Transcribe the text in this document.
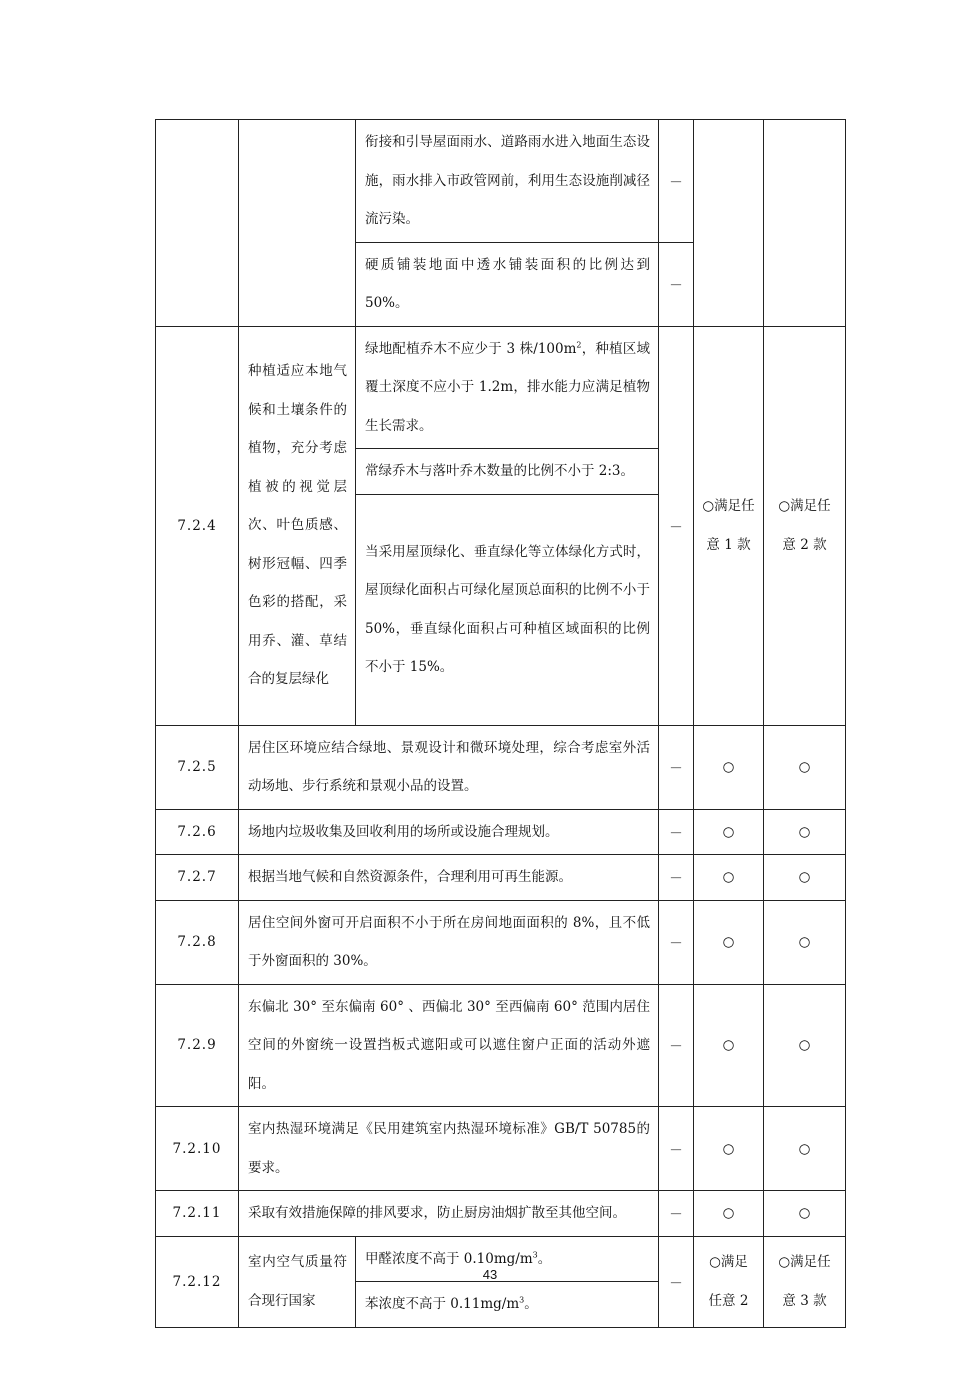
		衔接和引导屋面雨水、道路雨水进入地面生态设施，雨水排入市政管网前，利用生态设施削减径流污染。	－		
		硬质铺装地面中透水铺装面积的比例达到50%。	－		
7.2.4	种植适应本地气候和土壤条件的植物，充分考虑植被的视觉层次、叶色质感、树形冠幅、四季色彩的搭配，采用乔、灌、草结合的复层绿化	绿地配植乔木不应少于 3 株$/100m^2$，种植区域覆土深度不应小于 1.2m，排水能力应满足植物生长需求。	－	○满足任意 1 款	○满足任意 2 款
		常绿乔木与落叶乔木数量的比例不小于 2:3。			
		当采用屋顶绿化、垂直绿化等立体绿化方式时，屋顶绿化面积占可绿化屋顶总面积的比例不小于 50%，垂直绿化面积占可种植区域面积的比例不小于 15%。			
7.2.5	居住区环境应结合绿地、景观设计和微环境处理，综合考虑室外活动场地、步行系统和景观小品的设置。		－	○	○
7.2.6	场地内垃圾收集及回收利用的场所或设施合理规划。		－	○	○
7.2.7	根据当地气候和自然资源条件，合理利用可再生能源。		－	○	○
7.2.8	居住空间外窗可开启面积不小于所在房间地面面积的 8%，且不低于外窗面积的 30%。		－	○	○
7.2.9	东偏北 30° 至东偏南 60° 、西偏北 30° 至西偏南 60° 范围内居住空间的外窗统一设置挡板式遮阳或可以遮住窗户正面的活动外遮阳。		－	○	○
7.2.10	室内热湿环境满足《民用建筑室内热湿环境标准》GB/T 50785的要求。		－	○	○
7.2.11	采取有效措施保障的排风要求，防止厨房油烟扩散至其他空间。		－	○	○
7.2.12	室内空气质量符合现行国家	甲醛浓度不高于 $0.10mg/m^3$。	－	○满足任意 2	○满足任意 3 款
		苯浓度不高于 $0.11mg/m^3$。			
43
